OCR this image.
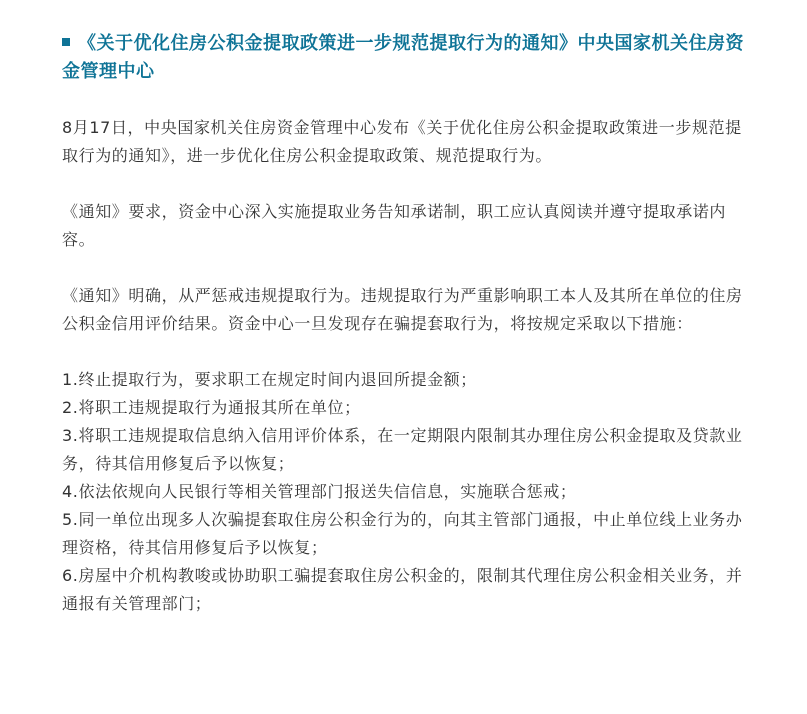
《关于优化住房公积金提取政策进一步规范提取行为的通知》中央国家机关住房资金管理中心

8月17日，中央国家机关住房资金管理中心发布《关于优化住房公积金提取政策进一步规范提取行为的通知》，进一步优化住房公积金提取政策、规范提取行为。

《通知》要求，资金中心深入实施提取业务告知承诺制，职工应认真阅读并遵守提取承诺内容。

《通知》明确，从严惩戒违规提取行为。违规提取行为严重影响职工本人及其所在单位的住房公积金信用评价结果。资金中心一旦发现存在骗提套取行为，将按规定采取以下措施：

1.终止提取行为，要求职工在规定时间内退回所提金额；
2.将职工违规提取行为通报其所在单位；
3.将职工违规提取信息纳入信用评价体系，在一定期限内限制其办理住房公积金提取及贷款业务，待其信用修复后予以恢复；
4.依法依规向人民银行等相关管理部门报送失信信息，实施联合惩戒；
5.同一单位出现多人次骗提套取住房公积金行为的，向其主管部门通报，中止单位线上业务办理资格，待其信用修复后予以恢复；
6.房屋中介机构教唆或协助职工骗提套取住房公积金的，限制其代理住房公积金相关业务，并通报有关管理部门；
